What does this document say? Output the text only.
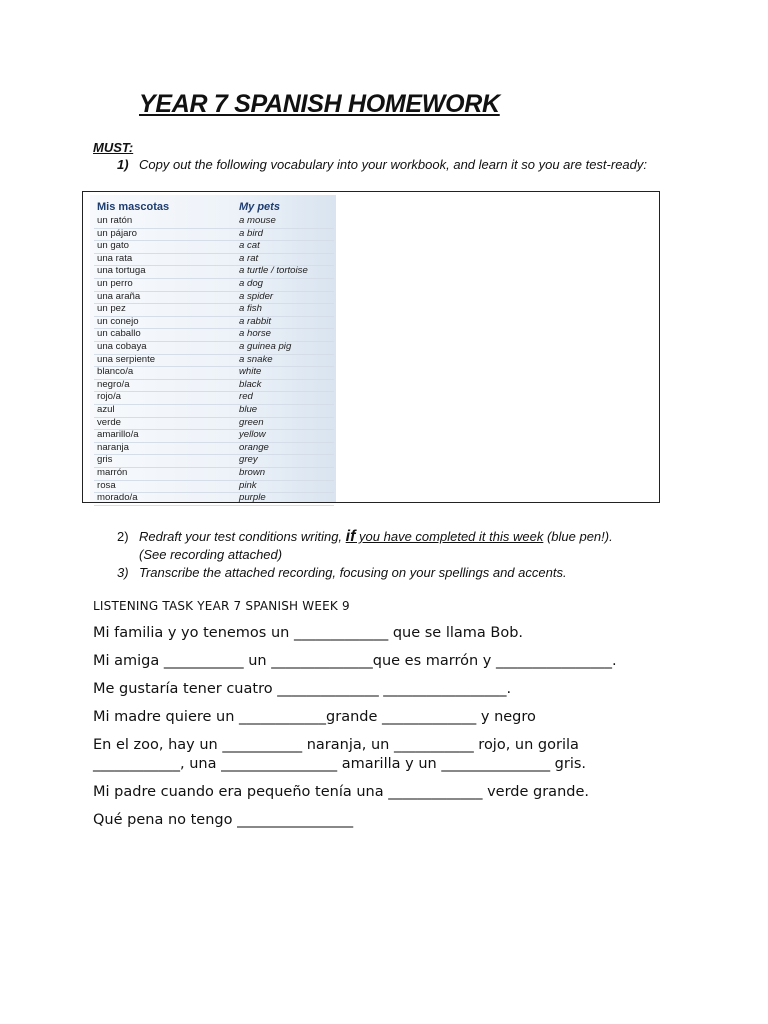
YEAR 7 SPANISH HOMEWORK
MUST:
1) Copy out the following vocabulary into your workbook, and learn it so you are test-ready:
Mis mascotas	My pets
un ratón	a mouse
un pájaro	a bird
un gato	a cat
una rata	a rat
una tortuga	a turtle / tortoise
un perro	a dog
una araña	a spider
un pez	a fish
un conejo	a rabbit
un caballo	a horse
una cobaya	a guinea pig
una serpiente	a snake
blanco/a	white
negro/a	black
rojo/a	red
azul	blue
verde	green
amarillo/a	yellow
naranja	orange
gris	grey
marrón	brown
rosa	pink
morado/a	purple
2) Redraft your test conditions writing, if you have completed it this week (blue pen!).
(See recording attached)
3) Transcribe the attached recording, focusing on your spellings and accents.
LISTENING TASK YEAR 7 SPANISH WEEK 9
Mi familia y yo tenemos un _____________ que se llama Bob.
Mi amiga ___________ un ______________que es marrón y ________________.
Me gustaría tener cuatro ______________ _________________.
Mi madre quiere un ____________grande _____________ y negro
En el zoo, hay un ___________ naranja, un ___________ rojo, un gorila
____________, una ________________ amarilla y un _______________ gris.
Mi padre cuando era pequeño tenía una _____________ verde grande.
Qué pena no tengo ________________
